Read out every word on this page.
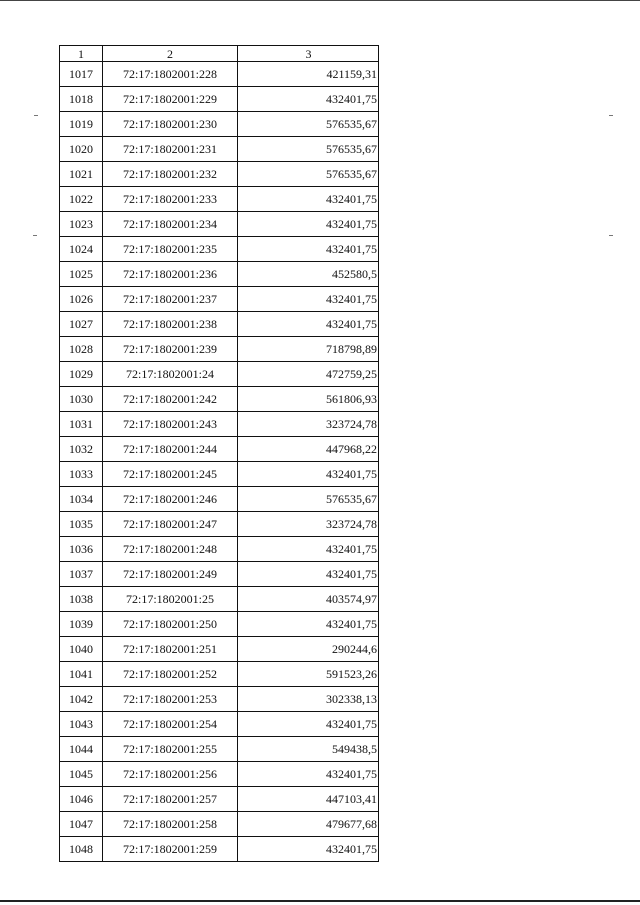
1	2	3
1017	72:17:1802001:228	421159,31
1018	72:17:1802001:229	432401,75
1019	72:17:1802001:230	576535,67
1020	72:17:1802001:231	576535,67
1021	72:17:1802001:232	576535,67
1022	72:17:1802001:233	432401,75
1023	72:17:1802001:234	432401,75
1024	72:17:1802001:235	432401,75
1025	72:17:1802001:236	452580,5
1026	72:17:1802001:237	432401,75
1027	72:17:1802001:238	432401,75
1028	72:17:1802001:239	718798,89
1029	72:17:1802001:24	472759,25
1030	72:17:1802001:242	561806,93
1031	72:17:1802001:243	323724,78
1032	72:17:1802001:244	447968,22
1033	72:17:1802001:245	432401,75
1034	72:17:1802001:246	576535,67
1035	72:17:1802001:247	323724,78
1036	72:17:1802001:248	432401,75
1037	72:17:1802001:249	432401,75
1038	72:17:1802001:25	403574,97
1039	72:17:1802001:250	432401,75
1040	72:17:1802001:251	290244,6
1041	72:17:1802001:252	591523,26
1042	72:17:1802001:253	302338,13
1043	72:17:1802001:254	432401,75
1044	72:17:1802001:255	549438,5
1045	72:17:1802001:256	432401,75
1046	72:17:1802001:257	447103,41
1047	72:17:1802001:258	479677,68
1048	72:17:1802001:259	432401,75
